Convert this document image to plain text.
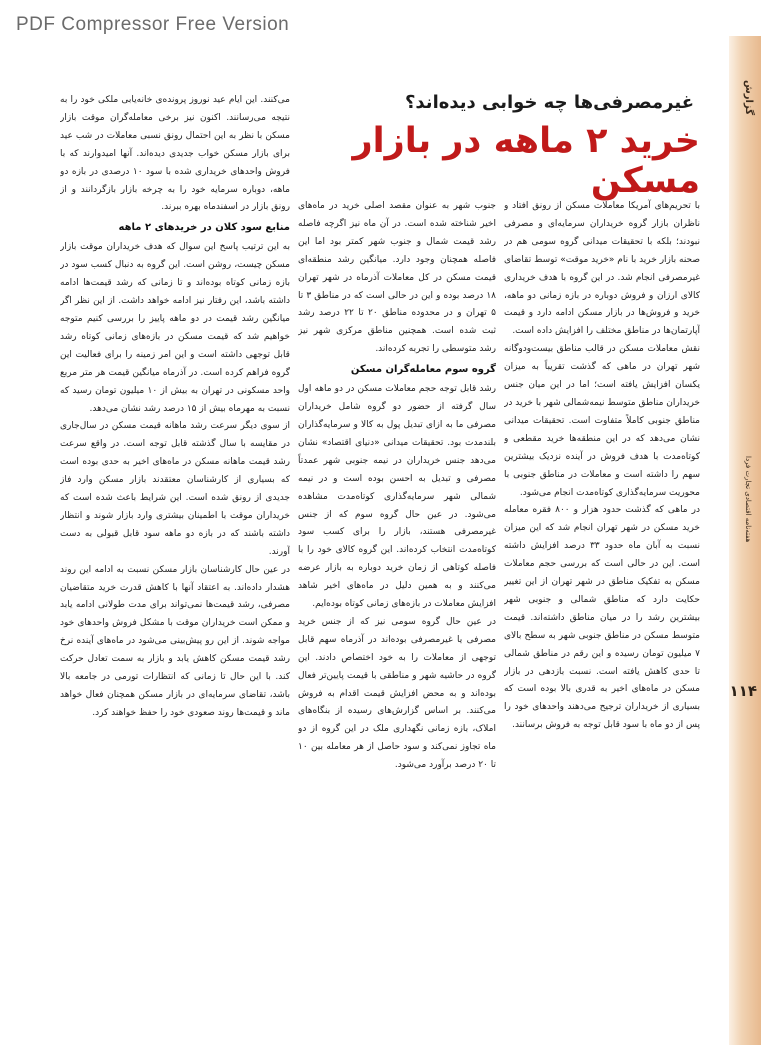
PDF Compressor Free Version
گزارش
هفته‌نامه اقتصادی تجارت فردا
۱۱۴
غیرمصرفی‌ها چه خوابی دیده‌اند؟
خرید ۲ ماهه در بازار مسکن

با تحریم‌های آمریکا معاملات مسکن از رونق افتاد و ناظران بازار گروه خریداران سرمایه‌ای و مصرفی نبودند؛ بلکه با تحقیقات میدانی گروه سومی هم در صحنه بازار خرید با نام «خرید موقت» توسط تقاضای غیرمصرفی انجام شد. در این گروه با هدف خریداری کالای ارزان و فروش دوباره در بازه زمانی دو ماهه، خرید و فروش‌ها در بازار مسکن ادامه دارد و قیمت آپارتمان‌ها در مناطق مختلف را افزایش داده است.

نقش معاملات مسکن در قالب مناطق بیست‌ودوگانه شهر تهران در ماهی که گذشت تقریباً به میزان یکسان افزایش یافته است؛ اما در این میان جنس خریداران مناطق متوسط نیمه‌شمالی شهر با خرید در مناطق جنوبی کاملاً متفاوت است. تحقیقات میدانی نشان می‌دهد که در این منطقه‌ها خرید مقطعی و کوتاه‌مدت با هدف فروش در آینده نزدیک بیشترین سهم را داشته است و معاملات در مناطق جنوبی با محوریت سرمایه‌گذاری کوتاه‌مدت انجام می‌شود.

در ماهی که گذشت حدود هزار و ۸۰۰ فقره معامله خرید مسکن در شهر تهران انجام شد که این میزان نسبت به آبان ماه حدود ۳۳ درصد افزایش داشته است. این در حالی است که بررسی حجم معاملات مسکن به تفکیک مناطق در شهر تهران از این تغییر حکایت دارد که مناطق شمالی و جنوبی شهر بیشترین رشد را در میان مناطق داشته‌اند. قیمت متوسط مسکن در مناطق جنوبی شهر به سطح بالای ۷ میلیون تومان رسیده و این رقم در مناطق شمالی تا حدی کاهش یافته است. نسبت بازدهی در بازار مسکن در ماه‌های اخیر به قدری بالا بوده است که بسیاری از خریداران ترجیح می‌دهند واحدهای خود را پس از دو ماه با سود قابل توجه به فروش برسانند.

جنوب شهر به عنوان مقصد اصلی خرید در ماه‌های اخیر شناخته شده است. در آن ماه نیز اگرچه فاصله رشد قیمت شمال و جنوب شهر کمتر بود اما این فاصله همچنان وجود دارد. میانگین رشد منطقه‌ای قیمت مسکن در کل معاملات آذرماه در شهر تهران ۱۸ درصد بوده و این در حالی است که در مناطق ۳ تا ۵ تهران و در محدوده مناطق ۲۰ تا ۲۲ درصد رشد ثبت شده است. همچنین مناطق مرکزی شهر نیز رشد متوسطی را تجربه کرده‌اند.

گروه سوم معامله‌گران مسکن

رشد قابل توجه حجم معاملات مسکن در دو ماهه اول سال گرفته از حضور دو گروه شامل خریداران مصرفی ما به ازای تبدیل پول به کالا و سرمایه‌گذاران بلندمدت بود. تحقیقات میدانی «دنیای اقتصاد» نشان می‌دهد جنس خریداران در نیمه جنوبی شهر عمدتاً مصرفی و تبدیل به احسن بوده است و در نیمه شمالی شهر سرمایه‌گذاری کوتاه‌مدت مشاهده می‌شود. در عین حال گروه سوم که از جنس غیرمصرفی هستند، بازار را برای کسب سود کوتاه‌مدت انتخاب کرده‌اند. این گروه کالای خود را با فاصله کوتاهی از زمان خرید دوباره به بازار عرضه می‌کنند و به همین دلیل در ماه‌های اخیر شاهد افزایش معاملات در بازه‌های زمانی کوتاه بوده‌ایم.

در عین حال گروه سومی نیز که از جنس خرید مصرفی یا غیرمصرفی بوده‌اند در آذرماه سهم قابل توجهی از معاملات را به خود اختصاص دادند. این گروه در حاشیه شهر و مناطقی با قیمت پایین‌تر فعال بوده‌اند و به محض افزایش قیمت اقدام به فروش می‌کنند. بر اساس گزارش‌های رسیده از بنگاه‌های املاک، بازه زمانی نگهداری ملک در این گروه از دو ماه تجاوز نمی‌کند و سود حاصل از هر معامله بین ۱۰ تا ۲۰ درصد برآورد می‌شود.

می‌کنند. این ایام عید نوروز پرونده‌ی خانه‌یابی ملکی خود را به نتیجه می‌رسانند. اکنون نیز برخی معامله‌گران موقت بازار مسکن با نظر به این احتمال رونق نسبی معاملات در شب عید برای بازار مسکن خواب جدیدی دیده‌اند. آنها امیدوارند که با فروش واحدهای خریداری شده با سود ۱۰ درصدی در بازه دو ماهه، دوباره سرمایه خود را به چرخه بازار بازگردانند و از رونق بازار در اسفندماه بهره ببرند.

منابع سود کلان در خریدهای ۲ ماهه

به این ترتیب پاسخ این سوال که هدف خریداران موقت بازار مسکن چیست، روشن است. این گروه به دنبال کسب سود در بازه زمانی کوتاه بوده‌اند و تا زمانی که رشد قیمت‌ها ادامه داشته باشد، این رفتار نیز ادامه خواهد داشت. از این نظر اگر میانگین رشد قیمت در دو ماهه پاییز را بررسی کنیم متوجه خواهیم شد که قیمت مسکن در بازه‌های زمانی کوتاه رشد قابل توجهی داشته است و این امر زمینه را برای فعالیت این گروه فراهم کرده است. در آذرماه میانگین قیمت هر متر مربع واحد مسکونی در تهران به بیش از ۱۰ میلیون تومان رسید که نسبت به مهرماه بیش از ۱۵ درصد رشد نشان می‌دهد.

از سوی دیگر سرعت رشد ماهانه قیمت مسکن در سال‌جاری در مقایسه با سال گذشته قابل توجه است. در واقع سرعت رشد قیمت ماهانه مسکن در ماه‌های اخیر به حدی بوده است که بسیاری از کارشناسان معتقدند بازار مسکن وارد فاز جدیدی از رونق شده است. این شرایط باعث شده است که خریداران موقت با اطمینان بیشتری وارد بازار شوند و انتظار داشته باشند که در بازه دو ماهه سود قابل قبولی به دست آورند.

در عین حال کارشناسان بازار مسکن نسبت به ادامه این روند هشدار داده‌اند. به اعتقاد آنها با کاهش قدرت خرید متقاضیان مصرفی، رشد قیمت‌ها نمی‌تواند برای مدت طولانی ادامه یابد و ممکن است خریداران موقت با مشکل فروش واحدهای خود مواجه شوند. از این رو پیش‌بینی می‌شود در ماه‌های آینده نرخ رشد قیمت مسکن کاهش یابد و بازار به سمت تعادل حرکت کند. با این حال تا زمانی که انتظارات تورمی در جامعه بالا باشد، تقاضای سرمایه‌ای در بازار مسکن همچنان فعال خواهد ماند و قیمت‌ها روند صعودی خود را حفظ خواهند کرد.
